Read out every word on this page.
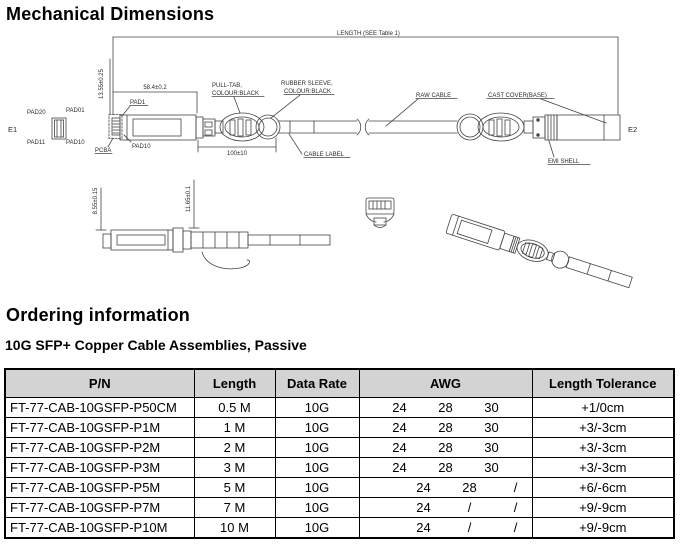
Mechanical Dimensions
LENGTH (SEE Table 1)
13.55±0.25	58.4±0.2
E1
PAD20	PAD01
PAD11	PAD10
PAD1
PCBA
PAD10
E2
PULL-TAB,
COLOUR:BLACK
RUBBER SLEEVE,
COLOUR:BLACK
RAW CABLE	CAST COVER(BASE)
CABLE LABEL
EMI SHELL
100±10
8.55±0.15	11.65±0.1
Ordering information
10G SFP+ Copper Cable Assemblies, Passive
P/N	Length	Data Rate	AWG	Length Tolerance
FT-77-CAB-10GSFP-P50CM	0.5 M	10G	24 28 30	+1/0cm
FT-77-CAB-10GSFP-P1M	1 M	10G	24 28 30	+3/-3cm
FT-77-CAB-10GSFP-P2M	2 M	10G	24 28 30	+3/-3cm
FT-77-CAB-10GSFP-P3M	3 M	10G	24 28 30	+3/-3cm
FT-77-CAB-10GSFP-P5M	5 M	10G	24 28 /	+6/-6cm
FT-77-CAB-10GSFP-P7M	7 M	10G	24 / /	+9/-9cm
FT-77-CAB-10GSFP-P10M	10 M	10G	24 / /	+9/-9cm
